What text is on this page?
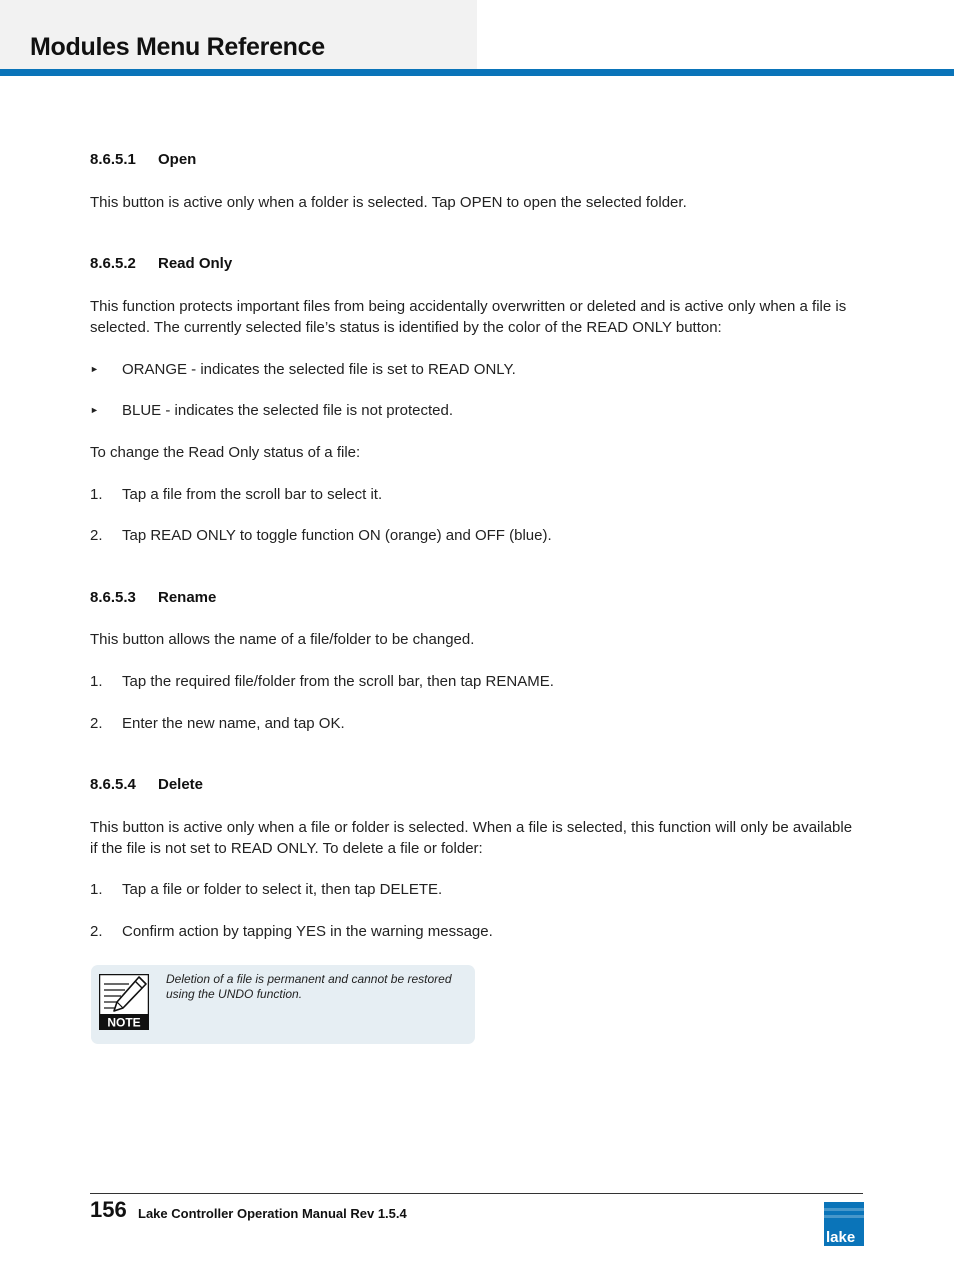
Modules Menu Reference
8.6.5.1 Open

This button is active only when a folder is selected. Tap OPEN to open the selected folder.

8.6.5.2 Read Only

This function protects important files from being accidentally overwritten or deleted and is active only when a file is selected. The currently selected file’s status is identified by the color of the READ ONLY button:

►	ORANGE - indicates the selected file is set to READ ONLY.
►	BLUE - indicates the selected file is not protected.

To change the Read Only status of a file:

1.	Tap a file from the scroll bar to select it.
2.	Tap READ ONLY to toggle function ON (orange) and OFF (blue).
8.6.5.3 Rename

This button allows the name of a file/folder to be changed.

1.	Tap the required file/folder from the scroll bar, then tap RENAME.
2.	Enter the new name, and tap OK.
8.6.5.4 Delete

This button is active only when a file or folder is selected. When a file is selected, this function will only be available if the file is not set to READ ONLY. To delete a file or folder:

1.	Tap a file or folder to select it, then tap DELETE.
2.	Confirm action by tapping YES in the warning message.
NOTE

Deletion of a file is permanent and cannot be restored using the UNDO function.

156 Lake Controller Operation Manual Rev 1.5.4

lake
